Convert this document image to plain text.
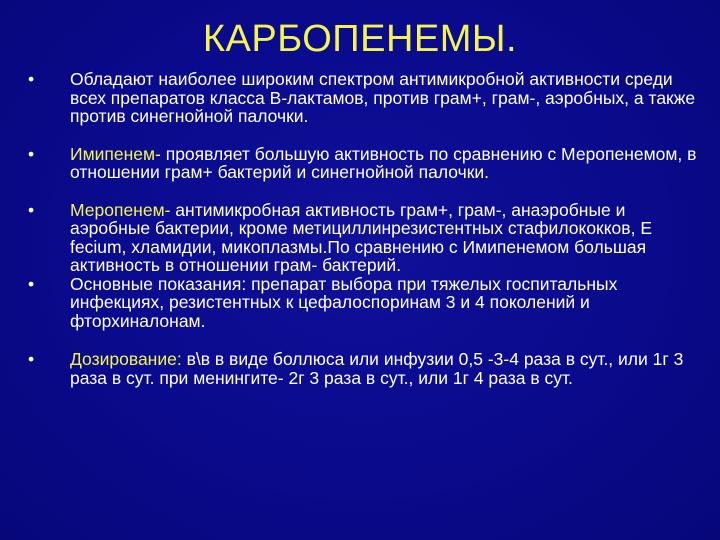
КАРБОПЕНЕМЫ.

•	Обладают наиболее широким спектром антимикробной активности среди всех препаратов класса В-лактамов, против грам+, грам-, аэробных, а также против синегнойной палочки.

•	Имипенем- проявляет большую активность по сравнению с Меропенемом, в отношении грам+ бактерий и синегнойной палочки.

•	Меропенем- антимикробная активность грам+, грам-, анаэробные и аэробные бактерии, кроме метициллинрезистентных стафилококков, E fecium, хламидии, микоплазмы.По сравнению с Имипенемом большая активность в отношении грам- бактерий.

•	Основные показания: препарат выбора при тяжелых госпитальных инфекциях, резистентных к цефалоспоринам 3 и 4 поколений и фторхиналонам.

•	Дозирование: в\в в виде боллюса или инфузии 0,5 -3-4 раза в сут., или 1г 3 раза в сут. при менингите- 2г 3 раза в сут., или 1г 4 раза в сут.
